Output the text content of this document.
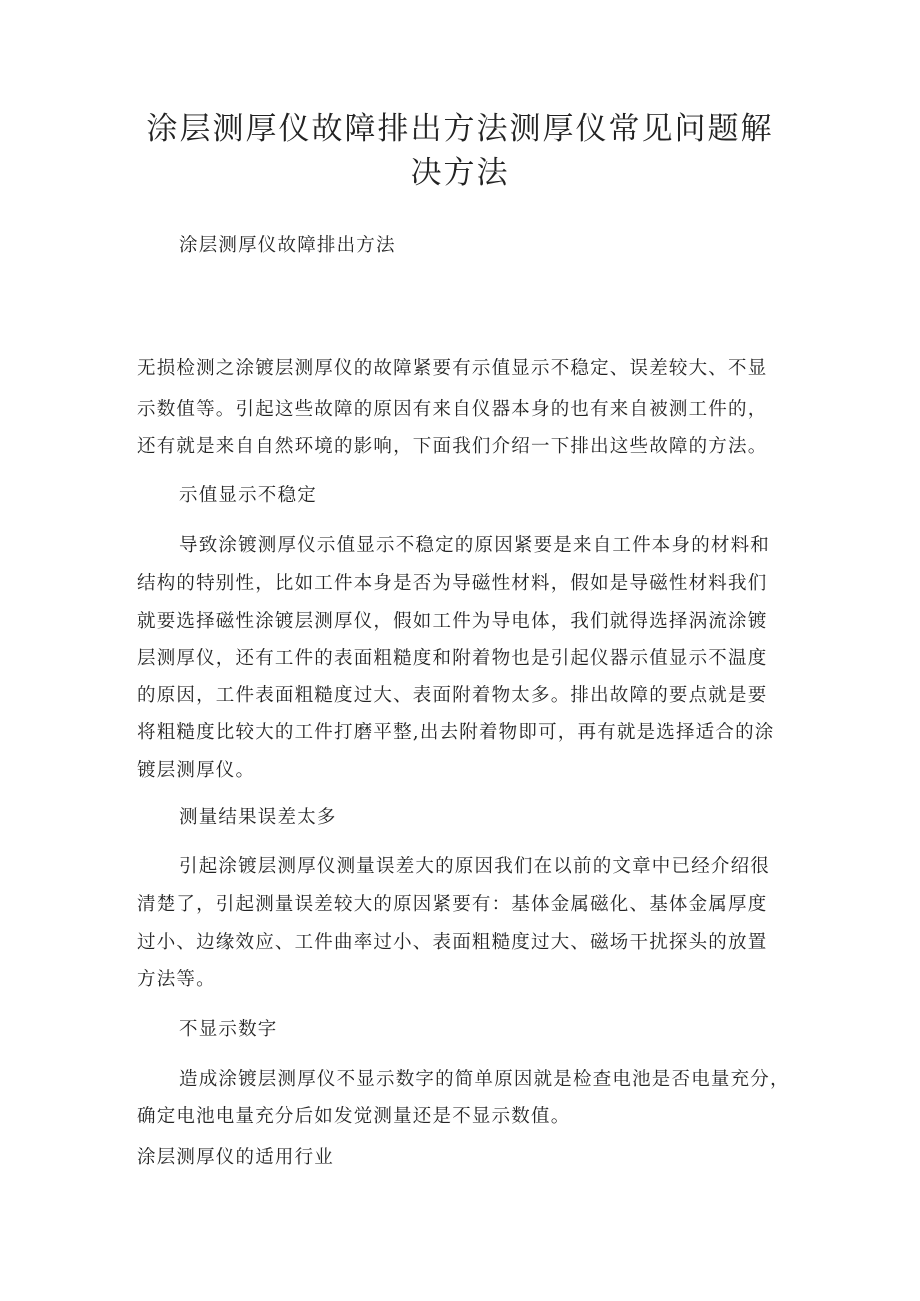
涂层测厚仪故障排出方法测厚仪常见问题解
决方法
涂层测厚仪故障排出方法
无损检测之涂镀层测厚仪的故障紧要有示值显示不稳定、误差较大、不显
示数值等。引起这些故障的原因有来自仪器本身的也有来自被测工件的，
还有就是来自自然环境的影响，下面我们介绍一下排出这些故障的方法。
示值显示不稳定
导致涂镀测厚仪示值显示不稳定的原因紧要是来自工件本身的材料和
结构的特别性，比如工件本身是否为导磁性材料，假如是导磁性材料我们
就要选择磁性涂镀层测厚仪，假如工件为导电体，我们就得选择涡流涂镀
层测厚仪，还有工件的表面粗糙度和附着物也是引起仪器示值显示不温度
的原因，工件表面粗糙度过大、表面附着物太多。排出故障的要点就是要
将粗糙度比较大的工件打磨平整,出去附着物即可，再有就是选择适合的涂
镀层测厚仪。
测量结果误差太多
引起涂镀层测厚仪测量误差大的原因我们在以前的文章中已经介绍很
清楚了，引起测量误差较大的原因紧要有：基体金属磁化、基体金属厚度
过小、边缘效应、工件曲率过小、表面粗糙度过大、磁场干扰探头的放置
方法等。
不显示数字
造成涂镀层测厚仪不显示数字的简单原因就是检查电池是否电量充分，
确定电池电量充分后如发觉测量还是不显示数值。
涂层测厚仪的适用行业
